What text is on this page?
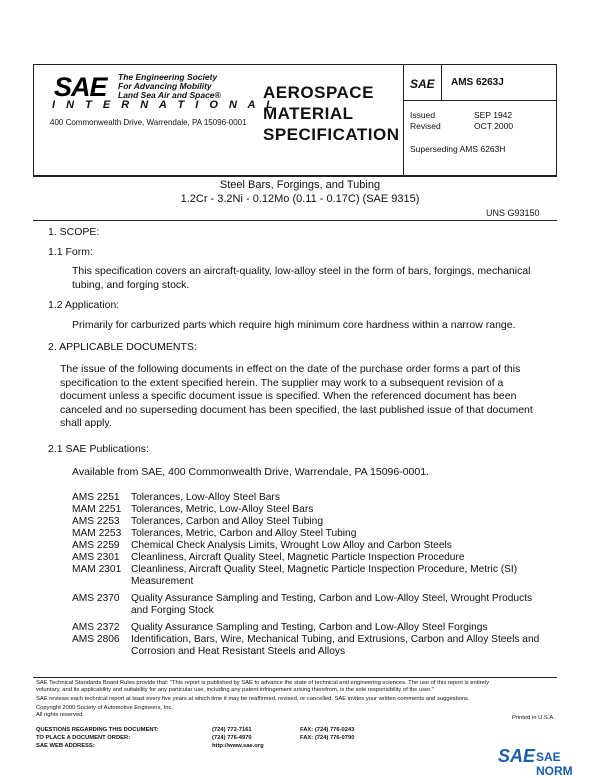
SAE The Engineering Society
For Advancing Mobility
Land Sea Air and Space®
I N T E R N A T I O N A L
400 Commonwealth Drive, Warrendale, PA 15096-0001
AEROSPACE
MATERIAL
SPECIFICATION
SAE AMS 6263J
Issued	SEP 1942
Revised	OCT 2000
Superseding AMS 6263H
Steel Bars, Forgings, and Tubing
1.2Cr - 3.2Ni - 0.12Mo (0.11 - 0.17C) (SAE 9315)
UNS G93150
1. SCOPE:
1.1 Form:
This specification covers an aircraft-quality, low-alloy steel in the form of bars, forgings, mechanical
tubing, and forging stock.
1.2 Application:
Primarily for carburized parts which require high minimum core hardness within a narrow range.
2. APPLICABLE DOCUMENTS:
The issue of the following documents in effect on the date of the purchase order forms a part of this
specification to the extent specified herein. The supplier may work to a subsequent revision of a
document unless a specific document issue is specified. When the referenced document has been
canceled and no superseding document has been specified, the last published issue of that document
shall apply.
2.1 SAE Publications:
Available from SAE, 400 Commonwealth Drive, Warrendale, PA 15096-0001.
AMS 2251 Tolerances, Low-Alloy Steel Bars
MAM 2251 Tolerances, Metric, Low-Alloy Steel Bars
AMS 2253 Tolerances, Carbon and Alloy Steel Tubing
MAM 2253 Tolerances, Metric, Carbon and Alloy Steel Tubing
AMS 2259 Chemical Check Analysis Limits, Wrought Low Alloy and Carbon Steels
AMS 2301 Cleanliness, Aircraft Quality Steel, Magnetic Particle Inspection Procedure
MAM 2301 Cleanliness, Aircraft Quality Steel, Magnetic Particle Inspection Procedure, Metric (SI) Measurement
AMS 2370 Quality Assurance Sampling and Testing, Carbon and Low-Alloy Steel, Wrought Products and Forging Stock
AMS 2372 Quality Assurance Sampling and Testing, Carbon and Low-Alloy Steel Forgings
AMS 2806 Identification, Bars, Wire, Mechanical Tubing, and Extrusions, Carbon and Alloy Steels and Corrosion and Heat Resistant Steels and Alloys
SAE Technical Standards Board Rules provide that: "This report is published by SAE to advance the state of technical and engineering sciences. The use of this report is entirely
voluntary, and its applicability and suitability for any particular use, including any patent infringement arising therefrom, is the sole responsibility of the user."
SAE reviews each technical report at least every five years at which time it may be reaffirmed, revised, or cancelled. SAE invites your written comments and suggestions.
Copyright 2000 Society of Automotive Engineers, Inc.
All rights reserved.	Printed in U.S.A.
QUESTIONS REGARDING THIS DOCUMENT:	(724) 772-7161	FAX: (724) 776-0243
TO PLACE A DOCUMENT ORDER:	(724) 776-4970	FAX: (724) 776-0790
SAE WEB ADDRESS:	http://www.sae.org	SAE SAE NORM
